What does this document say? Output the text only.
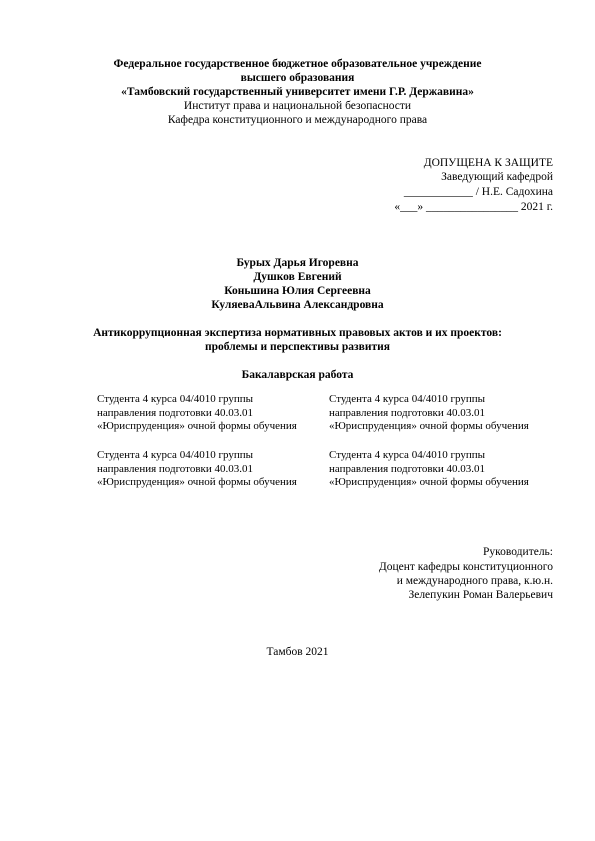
Федеральное государственное бюджетное образовательное учреждение
высшего образования
«Тамбовский государственный университет имени Г.Р. Державина»
Институт права и национальной безопасности
Кафедра конституционного и международного права
ДОПУЩЕНА К ЗАЩИТЕ
Заведующий кафедрой
____________ / Н.Е. Садохина
«___» ________________ 2021 г.
Бурых Дарья Игоревна
Душков Евгений
Коньшина Юлия Сергеевна
КуляеваАльвина Александровна
Антикоррупционная экспертиза нормативных правовых актов и их проектов:
проблемы и перспективы развития
Бакалаврская работа
Студента 4 курса 04/4010 группы
направления подготовки 40.03.01
«Юриспруденция» очной формы обучения
Студента 4 курса 04/4010 группы
направления подготовки 40.03.01
«Юриспруденция» очной формы обучения
Студента 4 курса 04/4010 группы
направления подготовки 40.03.01
«Юриспруденция» очной формы обучения
Студента 4 курса 04/4010 группы
направления подготовки 40.03.01
«Юриспруденция» очной формы обучения
Руководитель:
Доцент кафедры конституционного
и международного права, к.ю.н.
Зелепукин Роман Валерьевич
Тамбов 2021
